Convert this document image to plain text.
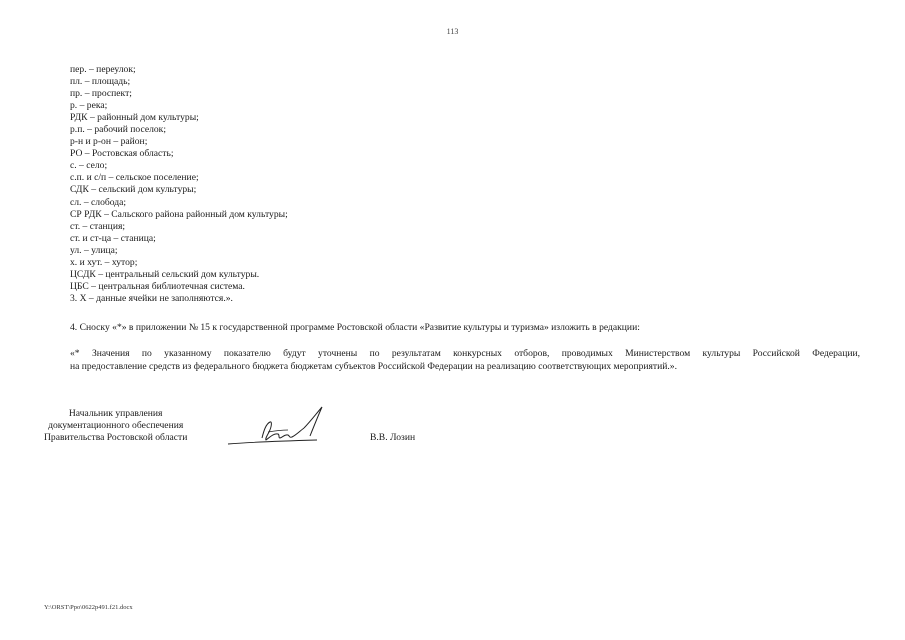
113
пер. – переулок;
пл. – площадь;
пр. – проспект;
р. – река;
РДК – районный дом культуры;
р.п. – рабочий поселок;
р-н и р-он – район;
РО – Ростовская область;
с. – село;
с.п. и с/п – сельское поселение;
СДК – сельский дом культуры;
сл. – слобода;
СР РДК – Сальского района районный дом культуры;
ст. – станция;
ст. и ст-ца – станица;
ул. – улица;
х. и хут. – хутор;
ЦСДК – центральный сельский дом культуры.
ЦБС – центральная библиотечная система.
3. Х – данные ячейки не заполняются.».
4. Сноску «*» в приложении № 15 к государственной программе Ростовской области «Развитие культуры и туризма» изложить в редакции:
«* Значения по указанному показателю будут уточнены по результатам конкурсных отборов, проводимых Министерством культуры Российской Федерации,
на предоставление средств из федерального бюджета бюджетам субъектов Российской Федерации на реализацию соответствующих мероприятий.».
Начальник управления
документационного обеспечения
Правительства Ростовской области	В.В. Лозин
Y:\ORST\Ppo\0622p491.f21.docx
